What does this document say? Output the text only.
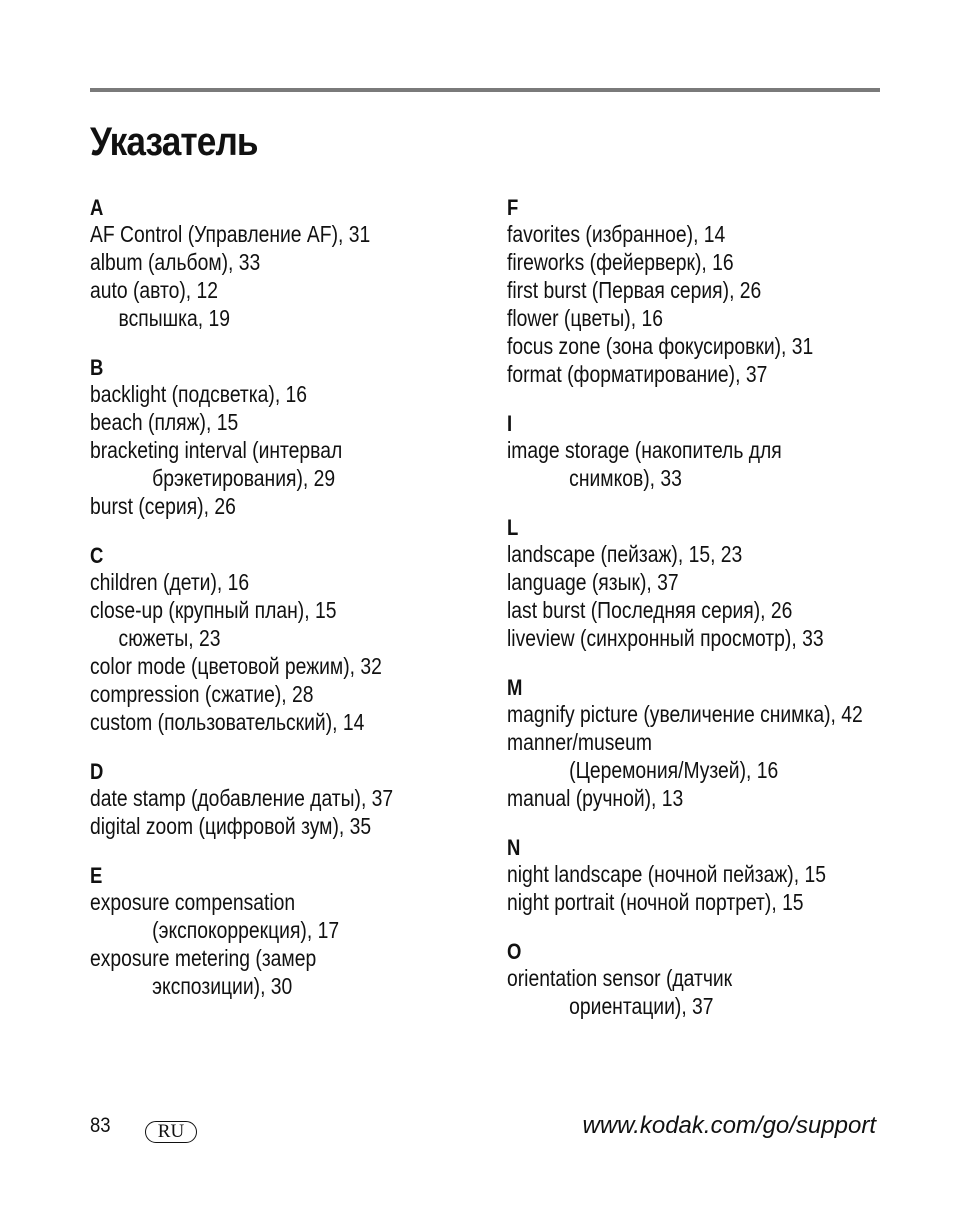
Указатель
A
AF Control (Управление AF), 31
album (альбом), 33
auto (авто), 12
вспышка, 19
B
backlight (подсветка), 16
beach (пляж), 15
bracketing interval (интервал
брэкетирования), 29
burst (серия), 26
C
children (дети), 16
close-up (крупный план), 15
сюжеты, 23
color mode (цветовой режим), 32
compression (сжатие), 28
custom (пользовательский), 14
D
date stamp (добавление даты), 37
digital zoom (цифровой зум), 35
E
exposure compensation
(экспокоррекция), 17
exposure metering (замер
экспозиции), 30
F
favorites (избранное), 14
fireworks (фейерверк), 16
first burst (Первая серия), 26
flower (цветы), 16
focus zone (зона фокусировки), 31
format (форматирование), 37
I
image storage (накопитель для
снимков), 33
L
landscape (пейзаж), 15, 23
language (язык), 37
last burst (Последняя серия), 26
liveview (синхронный просмотр), 33
M
magnify picture (увеличение снимка), 42
manner/museum
(Церемония/Музей), 16
manual (ручной), 13
N
night landscape (ночной пейзаж), 15
night portrait (ночной портрет), 15
O
orientation sensor (датчик
ориентации), 37
83	RU	www.kodak.com/go/support
